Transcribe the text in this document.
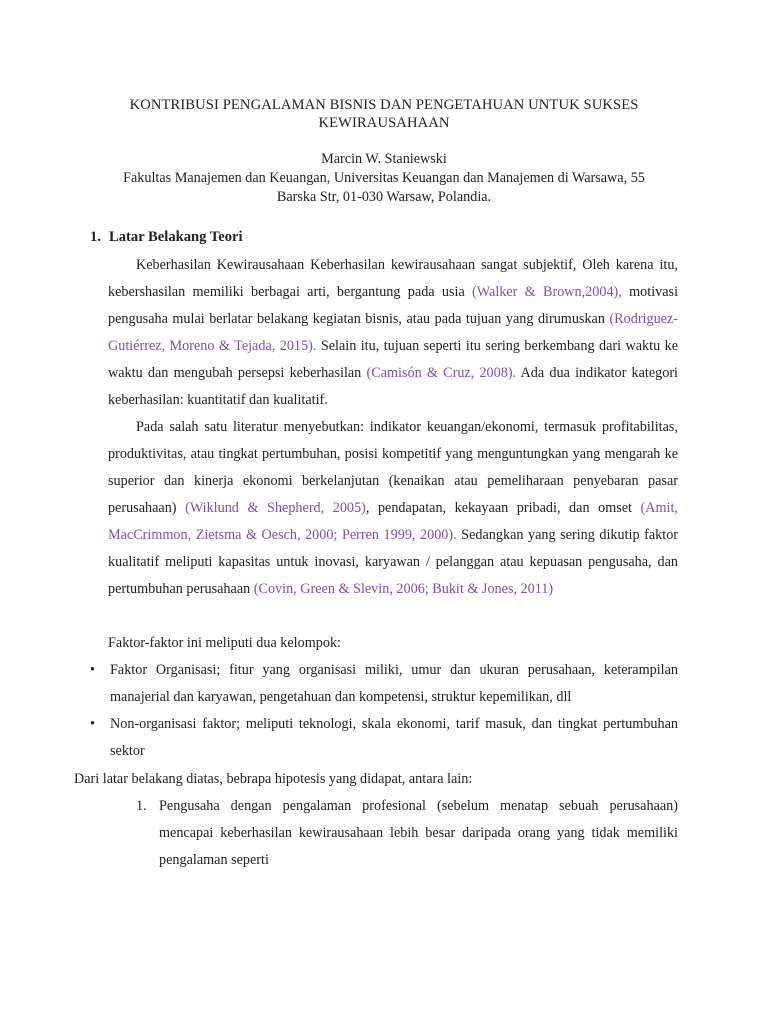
KONTRIBUSI PENGALAMAN BISNIS DAN PENGETAHUAN UNTUK SUKSES
KEWIRAUSAHAAN
Marcin W. Staniewski
Fakultas Manajemen dan Keuangan, Universitas Keuangan dan Manajemen di Warsawa, 55
Barska Str, 01-030 Warsaw, Polandia.
1. Latar Belakang Teori
Keberhasilan Kewirausahaan Keberhasilan kewirausahaan sangat subjektif, Oleh karena itu, kebershasilan memiliki berbagai arti, bergantung pada usia (Walker & Brown,2004), motivasi pengusaha mulai berlatar belakang kegiatan bisnis, atau pada tujuan yang dirumuskan (Rodriguez-Gutiérrez, Moreno & Tejada, 2015). Selain itu, tujuan seperti itu sering berkembang dari waktu ke waktu dan mengubah persepsi keberhasilan (Camisón & Cruz, 2008). Ada dua indikator kategori keberhasilan: kuantitatif dan kualitatif.
Pada salah satu literatur menyebutkan: indikator keuangan/ekonomi, termasuk profitabilitas, produktivitas, atau tingkat pertumbuhan, posisi kompetitif yang menguntungkan yang mengarah ke superior dan kinerja ekonomi berkelanjutan (kenaikan atau pemeliharaan penyebaran pasar perusahaan) (Wiklund & Shepherd, 2005), pendapatan, kekayaan pribadi, dan omset (Amit, MacCrimmon, Zietsma & Oesch, 2000; Perren 1999, 2000). Sedangkan yang sering dikutip faktor kualitatif meliputi kapasitas untuk inovasi, karyawan / pelanggan atau kepuasan pengusaha, dan pertumbuhan perusahaan (Covin, Green & Slevin, 2006; Bukit & Jones, 2011)
Faktor-faktor ini meliputi dua kelompok:
• Faktor Organisasi; fitur yang organisasi miliki, umur dan ukuran perusahaan, keterampilan manajerial dan karyawan, pengetahuan dan kompetensi, struktur kepemilikan, dll
• Non-organisasi faktor; meliputi teknologi, skala ekonomi, tarif masuk, dan tingkat pertumbuhan sektor
Dari latar belakang diatas, bebrapa hipotesis yang didapat, antara lain:
1. Pengusaha dengan pengalaman profesional (sebelum menatap sebuah perusahaan) mencapai keberhasilan kewirausahaan lebih besar daripada orang yang tidak memiliki pengalaman seperti
